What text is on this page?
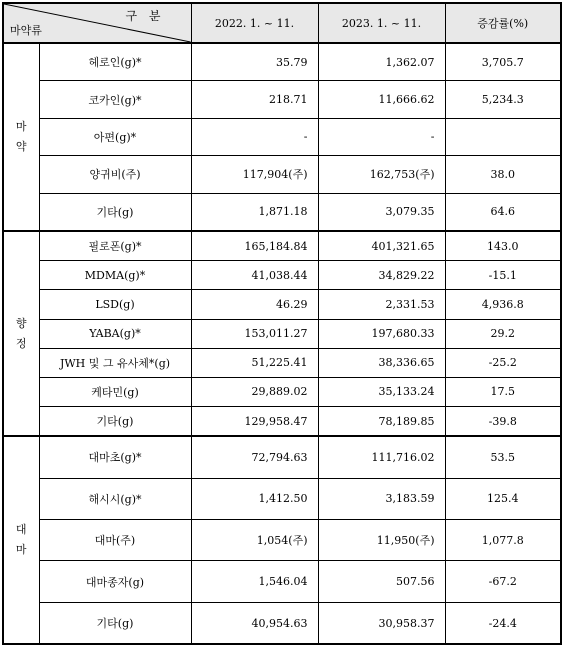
구 분
마약류		2022. 1. ~ 11.	2023. 1. ~ 11.	증감률(%)

마
약	헤로인(g)*	35.79	1,362.07	3,705.7
	코카인(g)*	218.71	11,666.62	5,234.3
	아편(g)*	-	-	
	양귀비(주)	117,904(주)	162,753(주)	38.0
	기타(g)	1,871.18	3,079.35	64.6

향
정	필로폰(g)*	165,184.84	401,321.65	143.0
	MDMA(g)*	41,038.44	34,829.22	-15.1
	LSD(g)	46.29	2,331.53	4,936.8
	YABA(g)*	153,011.27	197,680.33	29.2
	JWH 및 그 유사체*(g)	51,225.41	38,336.65	-25.2
	케타민(g)	29,889.02	35,133.24	17.5
	기타(g)	129,958.47	78,189.85	-39.8

대
마	대마초(g)*	72,794.63	111,716.02	53.5
	해시시(g)*	1,412.50	3,183.59	125.4
	대마(주)	1,054(주)	11,950(주)	1,077.8
	대마종자(g)	1,546.04	507.56	-67.2
	기타(g)	40,954.63	30,958.37	-24.4
